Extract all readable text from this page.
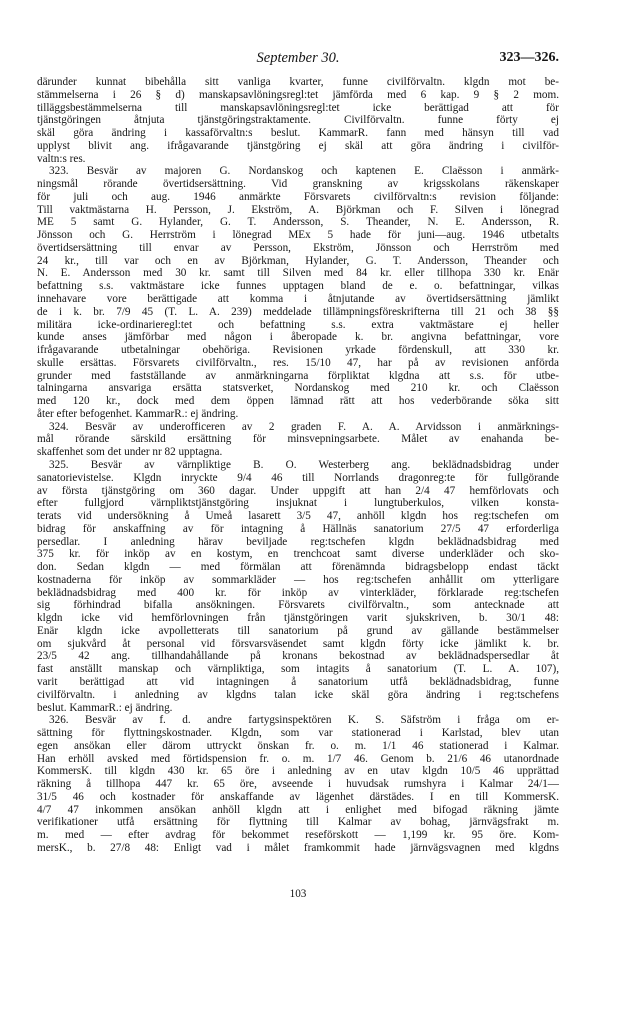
September 30.	323—326.
därunder kunnat bibehålla sitt vanliga kvarter, funne civilförvaltn. klgdn mot be-
stämmelserna i 26 § d) manskapsavlöningsregl:tet jämförda med 6 kap. 9 § 2 mom.
tilläggsbestämmelserna till manskapsavlöningsregl:tet icke berättigad att för
tjänstgöringen åtnjuta tjänstgöringstraktamente. Civilförvaltn. funne förty ej
skäl göra ändring i kassaförvaltn:s beslut. KammarR. fann med hänsyn till vad
upplyst blivit ang. ifrågavarande tjänstgöring ej skäl att göra ändring i civilför-
valtn:s res.
323. Besvär av majoren G. Nordanskog och kaptenen E. Claësson i anmärk-
ningsmål rörande övertidsersättning. Vid granskning av krigsskolans räkenskaper
för juli och aug. 1946 anmärkte Försvarets civilförvaltn:s revision följande:
Till vaktmästarna H. Persson, J. Ekström, A. Björkman och F. Silven i lönegrad
ME 5 samt G. Hylander, G. T. Andersson, S. Theander, N. E. Andersson, R.
Jönsson och G. Herrström i lönegrad MEx 5 hade för juni—aug. 1946 utbetalts
övertidsersättning till envar av Persson, Ekström, Jönsson och Herrström med
24 kr., till var och en av Björkman, Hylander, G. T. Andersson, Theander och
N. E. Andersson med 30 kr. samt till Silven med 84 kr. eller tillhopa 330 kr. Enär
befattning s.s. vaktmästare icke funnes upptagen bland de e. o. befattningar, vilkas
innehavare vore berättigade att komma i åtnjutande av övertidsersättning jämlikt
de i k. br. 7/9 45 (T. L. A. 239) meddelade tillämpningsföreskrifterna till 21 och 38 §§
militära icke-ordinarieregl:tet och befattning s.s. extra vaktmästare ej heller
kunde anses jämförbar med någon i åberopade k. br. angivna befattningar, vore
ifrågavarande utbetalningar obehöriga. Revisionen yrkade fördenskull, att 330 kr.
skulle ersättas. Försvarets civilförvaltn., res. 15/10 47, har på av revisionen anförda
grunder med fastställande av anmärkningarna förpliktat klgdna att s.s. för utbe-
talningarna ansvariga ersätta statsverket, Nordanskog med 210 kr. och Claësson
med 120 kr., dock med dem öppen lämnad rätt att hos vederbörande söka sitt
åter efter befogenhet. KammarR.: ej ändring.
324. Besvär av underofficeren av 2 graden F. A. A. Arvidsson i anmärknings-
mål rörande särskild ersättning för minsvepningsarbete. Målet av enahanda be-
skaffenhet som det under nr 82 upptagna.
325. Besvär av värnpliktige B. O. Westerberg ang. beklädnadsbidrag under
sanatorievistelse. Klgdn inryckte 9/4 46 till Norrlands dragonreg:te för fullgörande
av första tjänstgöring om 360 dagar. Under uppgift att han 2/4 47 hemförlovats och
efter fullgjord värnpliktstjänstgöring insjuknat i lungtuberkulos, vilken konsta-
terats vid undersökning å Umeå lasarett 3/5 47, anhöll klgdn hos reg:tschefen om
bidrag för anskaffning av för intagning å Hällnäs sanatorium 27/5 47 erforderliga
persedlar. I anledning härav beviljade reg:tschefen klgdn beklädnadsbidrag med
375 kr. för inköp av en kostym, en trenchcoat samt diverse underkläder och sko-
don. Sedan klgdn — med förmälan att förenämnda bidragsbelopp endast täckt
kostnaderna för inköp av sommarkläder — hos reg:tschefen anhållit om ytterligare
beklädnadsbidrag med 400 kr. för inköp av vinterkläder, förklarade reg:tschefen
sig förhindrad bifalla ansökningen. Försvarets civilförvaltn., som antecknade att
klgdn icke vid hemförlovningen från tjänstgöringen varit sjukskriven, b. 30/1 48:
Enär klgdn icke avpolletterats till sanatorium på grund av gällande bestämmelser
om sjukvård åt personal vid försvarsväsendet samt klgdn förty icke jämlikt k. br.
23/5 42 ang. tillhandahållande på kronans bekostnad av beklädnadspersedlar åt
fast anställt manskap och värnpliktiga, som intagits å sanatorium (T. L. A. 107),
varit berättigad att vid intagningen å sanatorium utfå beklädnadsbidrag, funne
civilförvaltn. i anledning av klgdns talan icke skäl göra ändring i reg:tschefens
beslut. KammarR.: ej ändring.
326. Besvär av f. d. andre fartygsinspektören K. S. Säfström i fråga om er-
sättning för flyttningskostnader. Klgdn, som var stationerad i Karlstad, blev utan
egen ansökan eller därom uttryckt önskan fr. o. m. 1/1 46 stationerad i Kalmar.
Han erhöll avsked med förtidspension fr. o. m. 1/7 46. Genom b. 21/6 46 utanordnade
KommersK. till klgdn 430 kr. 65 öre i anledning av en utav klgdn 10/5 46 upprättad
räkning å tillhopa 447 kr. 65 öre, avseende i huvudsak rumshyra i Kalmar 24/1—
31/5 46 och kostnader för anskaffande av lägenhet därstädes. I en till KommersK.
4/7 47 inkommen ansökan anhöll klgdn att i enlighet med bifogad räkning jämte
verifikationer utfå ersättning för flyttning till Kalmar av bohag, järnvägsfrakt m.
m. med — efter avdrag för bekommet reseförskott — 1,199 kr. 95 öre. Kom-
mersK., b. 27/8 48: Enligt vad i målet framkommit hade järnvägsvagnen med klgdns
103
